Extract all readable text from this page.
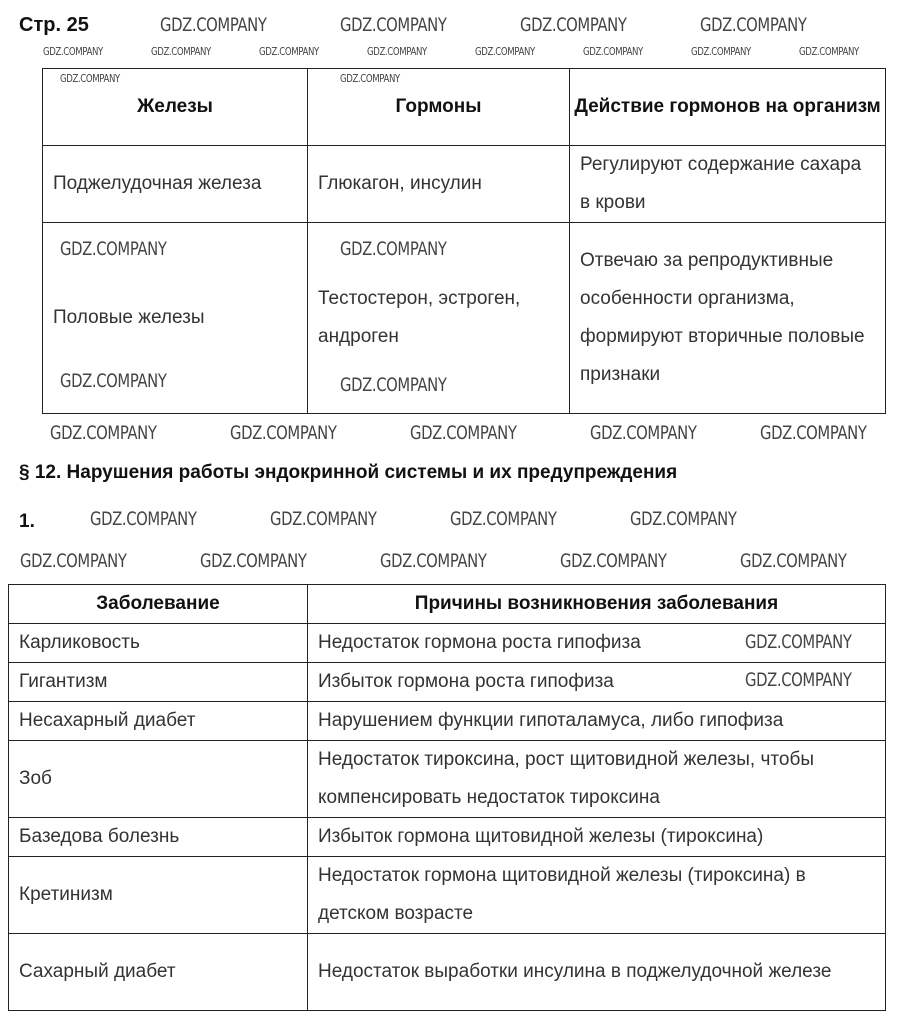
Стр. 25
Железы	Гормоны	Действие гормонов на организм
Поджелудочная железа	Глюкагон, инсулин	Регулируют содержание сахара в крови
Половые железы	Тестостерон, эстроген, андроген	Отвечаю за репродуктивные особенности организма, формируют вторичные половые признаки
§ 12. Нарушения работы эндокринной системы и их предупреждения
1.
Заболевание	Причины возникновения заболевания
Карликовость	Недостаток гормона роста гипофиза
Гигантизм	Избыток гормона роста гипофиза
Несахарный диабет	Нарушением функции гипоталамуса, либо гипофиза
Зоб	Недостаток тироксина, рост щитовидной железы, чтобы компенсировать недостаток тироксина
Базедова болезнь	Избыток гормона щитовидной железы (тироксина)
Кретинизм	Недостаток гормона щитовидной железы (тироксина) в детском возрасте
Сахарный диабет	Недостаток выработки инсулина в поджелудочной железе
GDZ.COMPANY	GDZ.COMPANY	GDZ.COMPANY	GDZ.COMPANY
GDZ.COMPANY	GDZ.COMPANY	GDZ.COMPANY	GDZ.COMPANY	GDZ.COMPANY	GDZ.COMPANY	GDZ.COMPANY	GDZ.COMPANY
GDZ.COMPANY	GDZ.COMPANY
GDZ.COMPANY
GDZ.COMPANY
GDZ.COMPANY
GDZ.COMPANY
GDZ.COMPANY	GDZ.COMPANY	GDZ.COMPANY	GDZ.COMPANY	GDZ.COMPANY
GDZ.COMPANY	GDZ.COMPANY	GDZ.COMPANY	GDZ.COMPANY
GDZ.COMPANY	GDZ.COMPANY	GDZ.COMPANY	GDZ.COMPANY	GDZ.COMPANY
GDZ.COMPANY
GDZ.COMPANY
